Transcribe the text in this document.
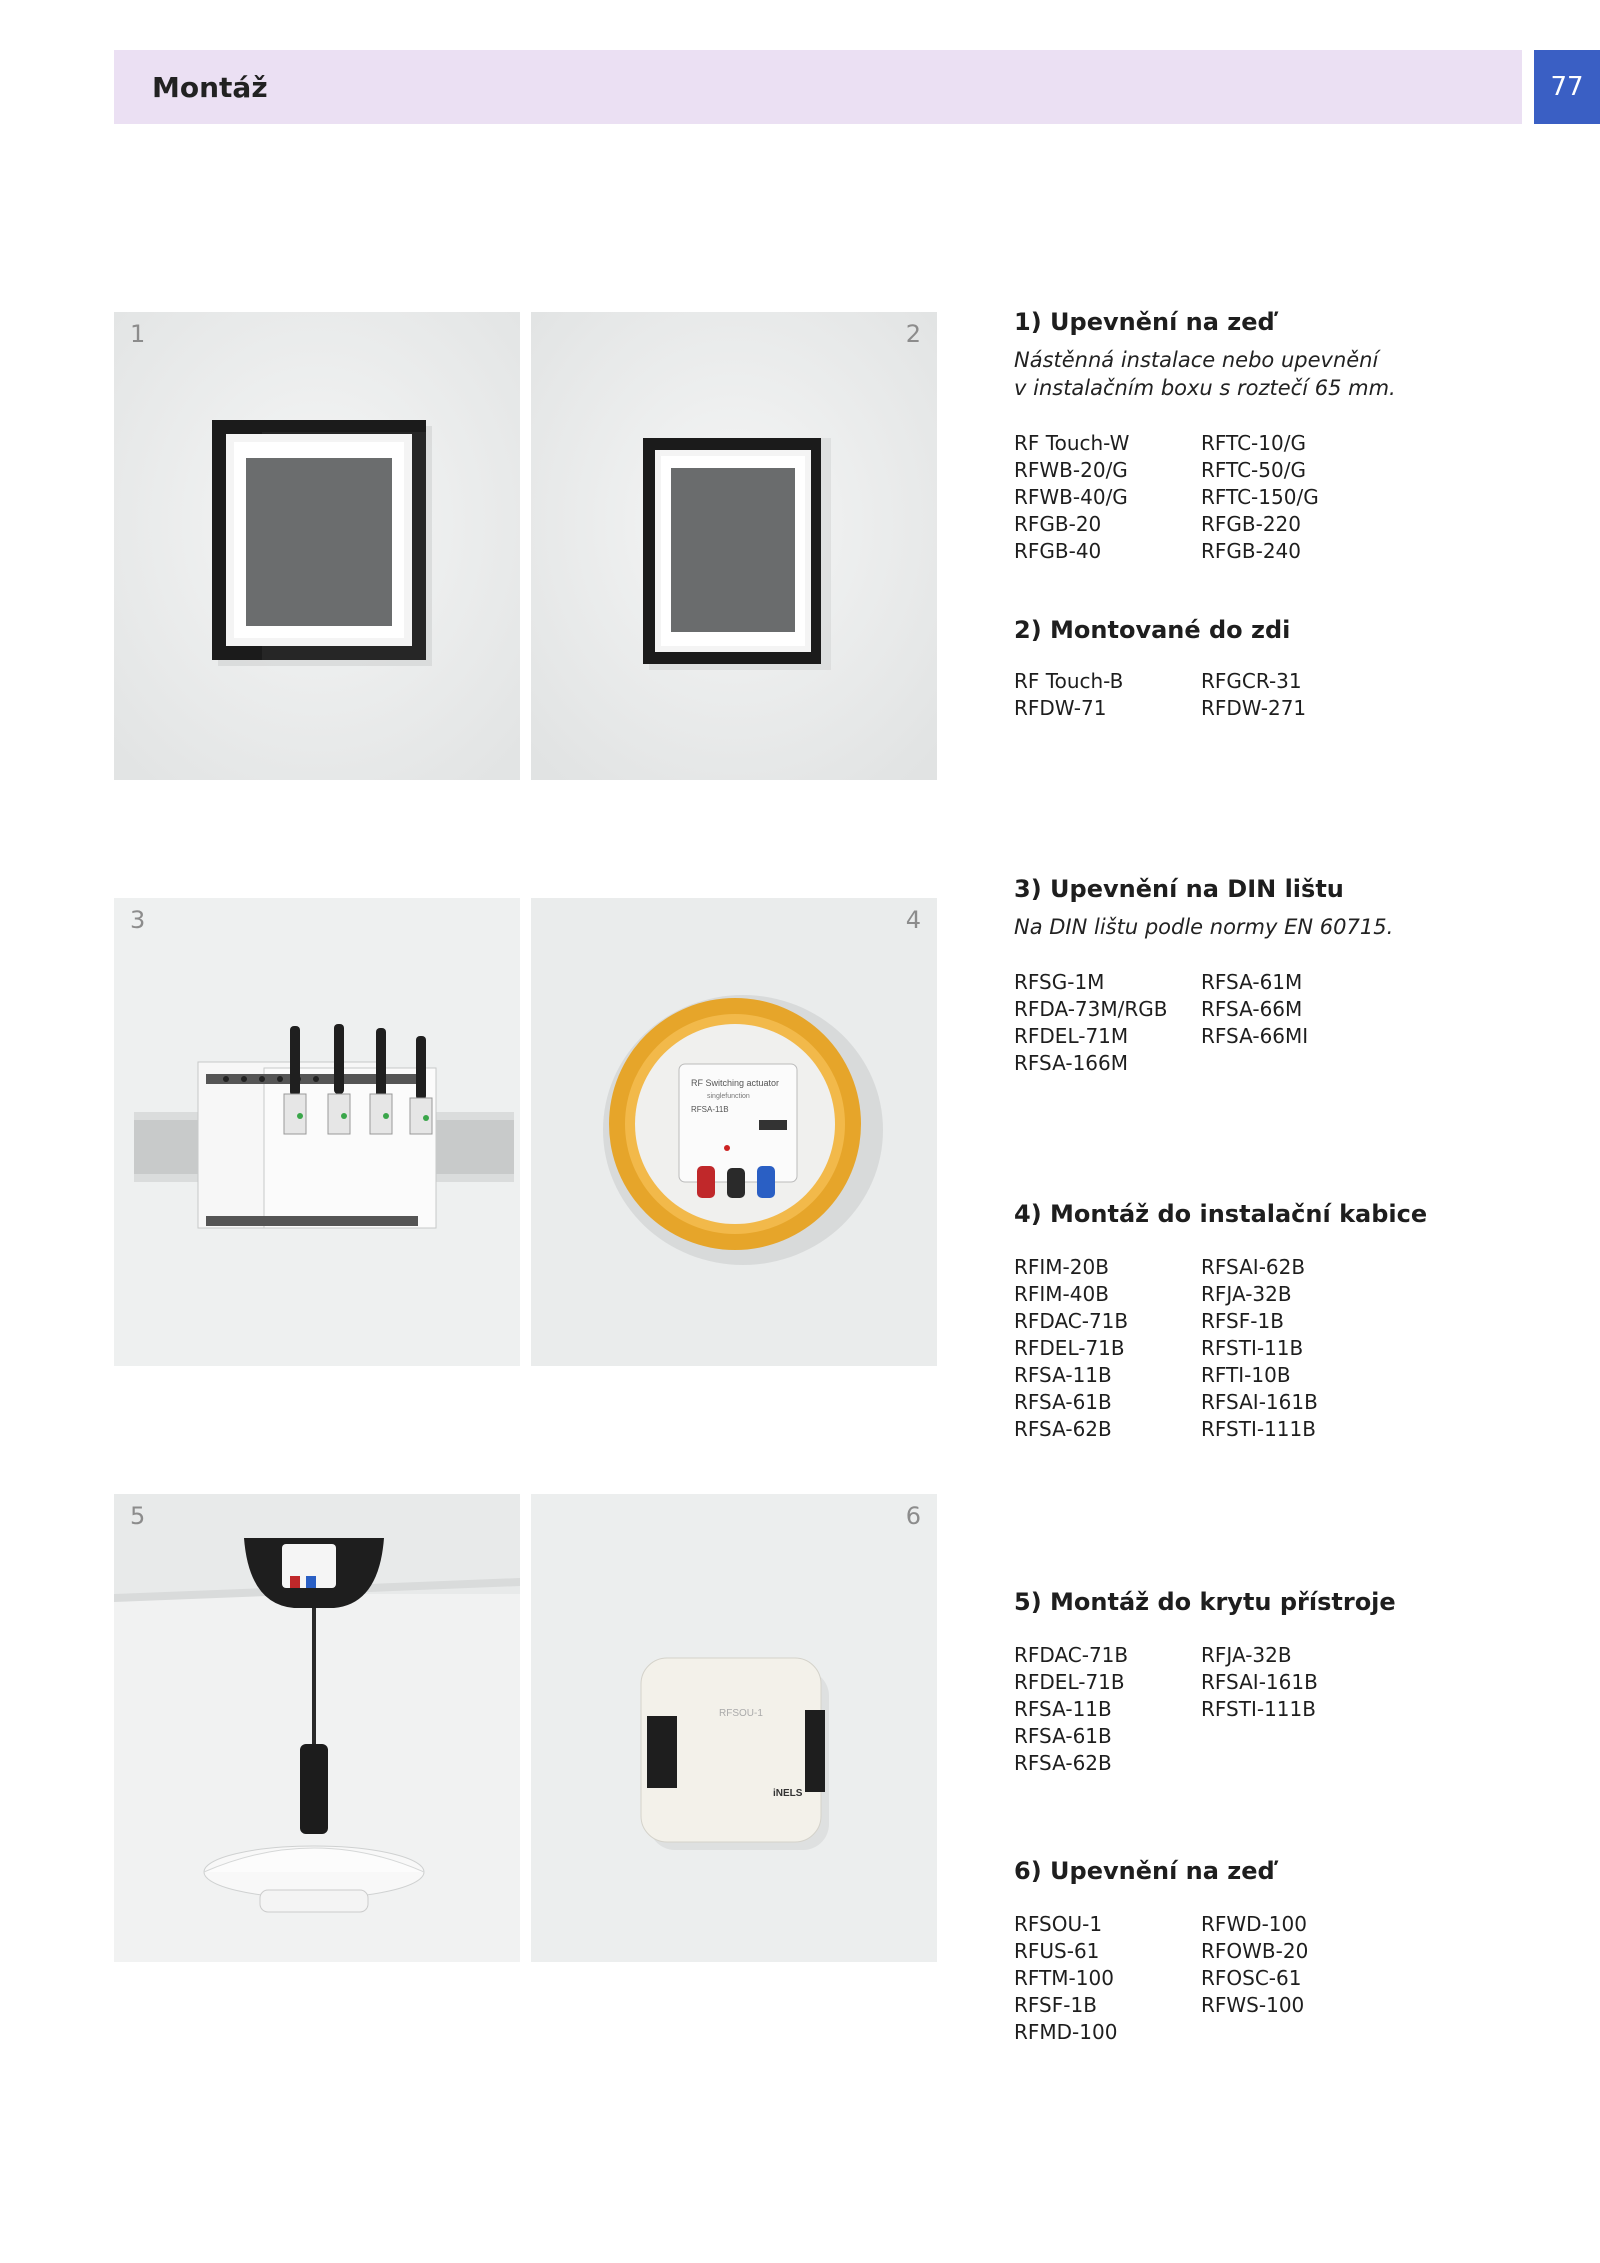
Montáž	77
1	2
3
RF Switching actuator
singlefunction
RFSA-11B
4
5
RFSOU-1
iNELS
6
1) Upevnění na zeď
Nástěnná instalace nebo upevnění
v instalačním boxu s roztečí 65 mm.
RF Touch-W	RFTC-10/G
RFWB-20/G	RFTC-50/G
RFWB-40/G	RFTC-150/G
RFGB-20	RFGB-220
RFGB-40	RFGB-240
2) Montované do zdi
RF Touch-B	RFGCR-31
RFDW-71	RFDW-271
3) Upevnění na DIN lištu
Na DIN lištu podle normy EN 60715.
RFSG-1M	RFSA-61M
RFDA-73M/RGB	RFSA-66M
RFDEL-71M	RFSA-66MI
RFSA-166M
4) Montáž do instalační kabice
RFIM-20B	RFSAI-62B
RFIM-40B	RFJA-32B
RFDAC-71B	RFSF-1B
RFDEL-71B	RFSTI-11B
RFSA-11B	RFTI-10B
RFSA-61B	RFSAI-161B
RFSA-62B	RFSTI-111B
5) Montáž do krytu přístroje
RFDAC-71B	RFJA-32B
RFDEL-71B	RFSAI-161B
RFSA-11B	RFSTI-111B
RFSA-61B
RFSA-62B
6) Upevnění na zeď
RFSOU-1	RFWD-100
RFUS-61	RFOWB-20
RFTM-100	RFOSC-61
RFSF-1B	RFWS-100
RFMD-100
